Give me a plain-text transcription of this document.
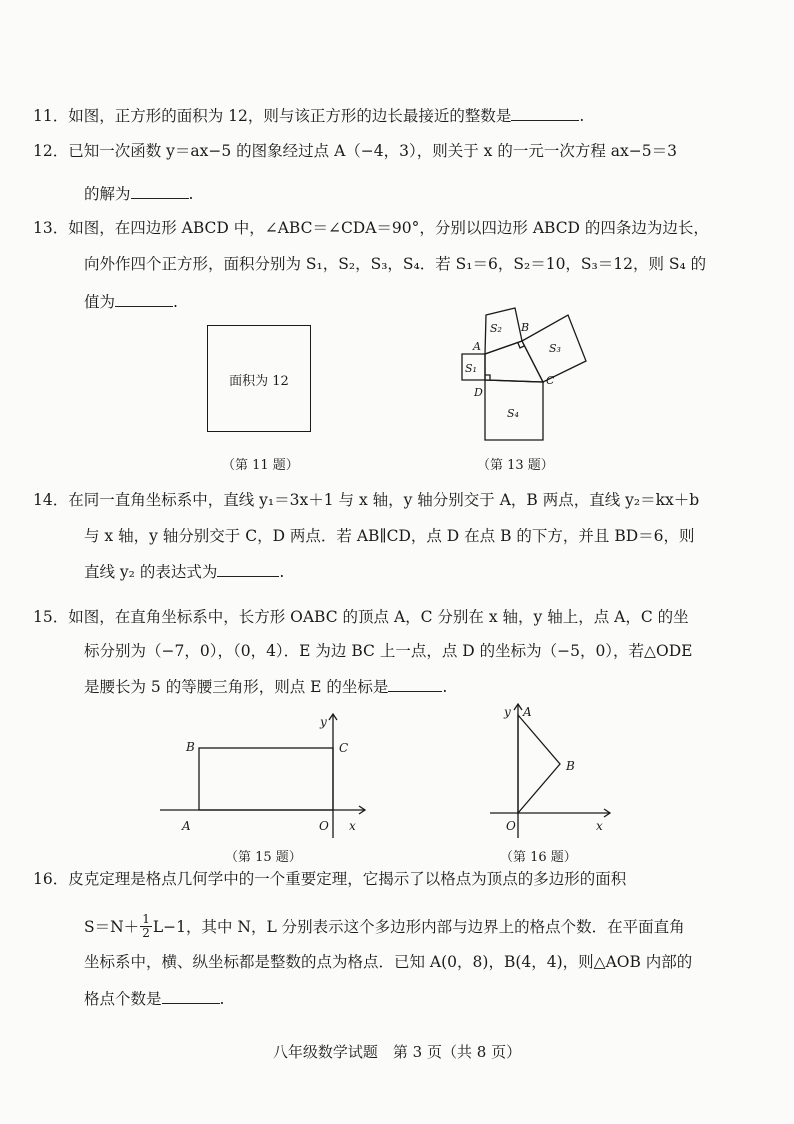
11．如图，正方形的面积为 12，则与该正方形的边长最接近的整数是	.
12．已知一次函数 y＝ax−5 的图象经过点 A（−4，3），则关于 x 的一元一次方程 ax−5＝3
的解为	.
13．如图，在四边形 ABCD 中，∠ABC＝∠CDA＝90°，分别以四边形 ABCD 的四条边为边长，
向外作四个正方形，面积分别为 S₁，S₂，S₃，S₄．若 S₁＝6，S₂＝10，S₃＝12，则 S₄ 的
值为	.
面积为 12
（第 11 题）
A
B
C
D
S₁
S₂
S₃
S₄
（第 13 题）
14．在同一直角坐标系中，直线 y₁＝3x＋1 与 x 轴，y 轴分别交于 A，B 两点，直线 y₂＝kx＋b
与 x 轴，y 轴分别交于 C，D 两点．若 AB∥CD，点 D 在点 B 的下方，并且 BD＝6，则
直线 y₂ 的表达式为	.
15．如图，在直角坐标系中，长方形 OABC 的顶点 A，C 分别在 x 轴，y 轴上，点 A，C 的坐
标分别为（−7，0），（0，4）．E 为边 BC 上一点，点 D 的坐标为（−5，0），若△ODE
是腰长为 5 的等腰三角形，则点 E 的坐标是	.
A
B	C
O x
y
（第 15 题）
A
B
O	x
y
（第 16 题）
16．皮克定理是格点几何学中的一个重要定理，它揭示了以格点为顶点的多边形的面积
$S=N+ \frac{1}{2} L-1$，其中 N，L 分别表示这个多边形内部与边界上的格点个数．在平面直角
坐标系中，横、纵坐标都是整数的点为格点．已知 A(0，8)，B(4，4)，则△AOB 内部的
格点个数是	.
八年级数学试题　第 3 页（共 8 页）
